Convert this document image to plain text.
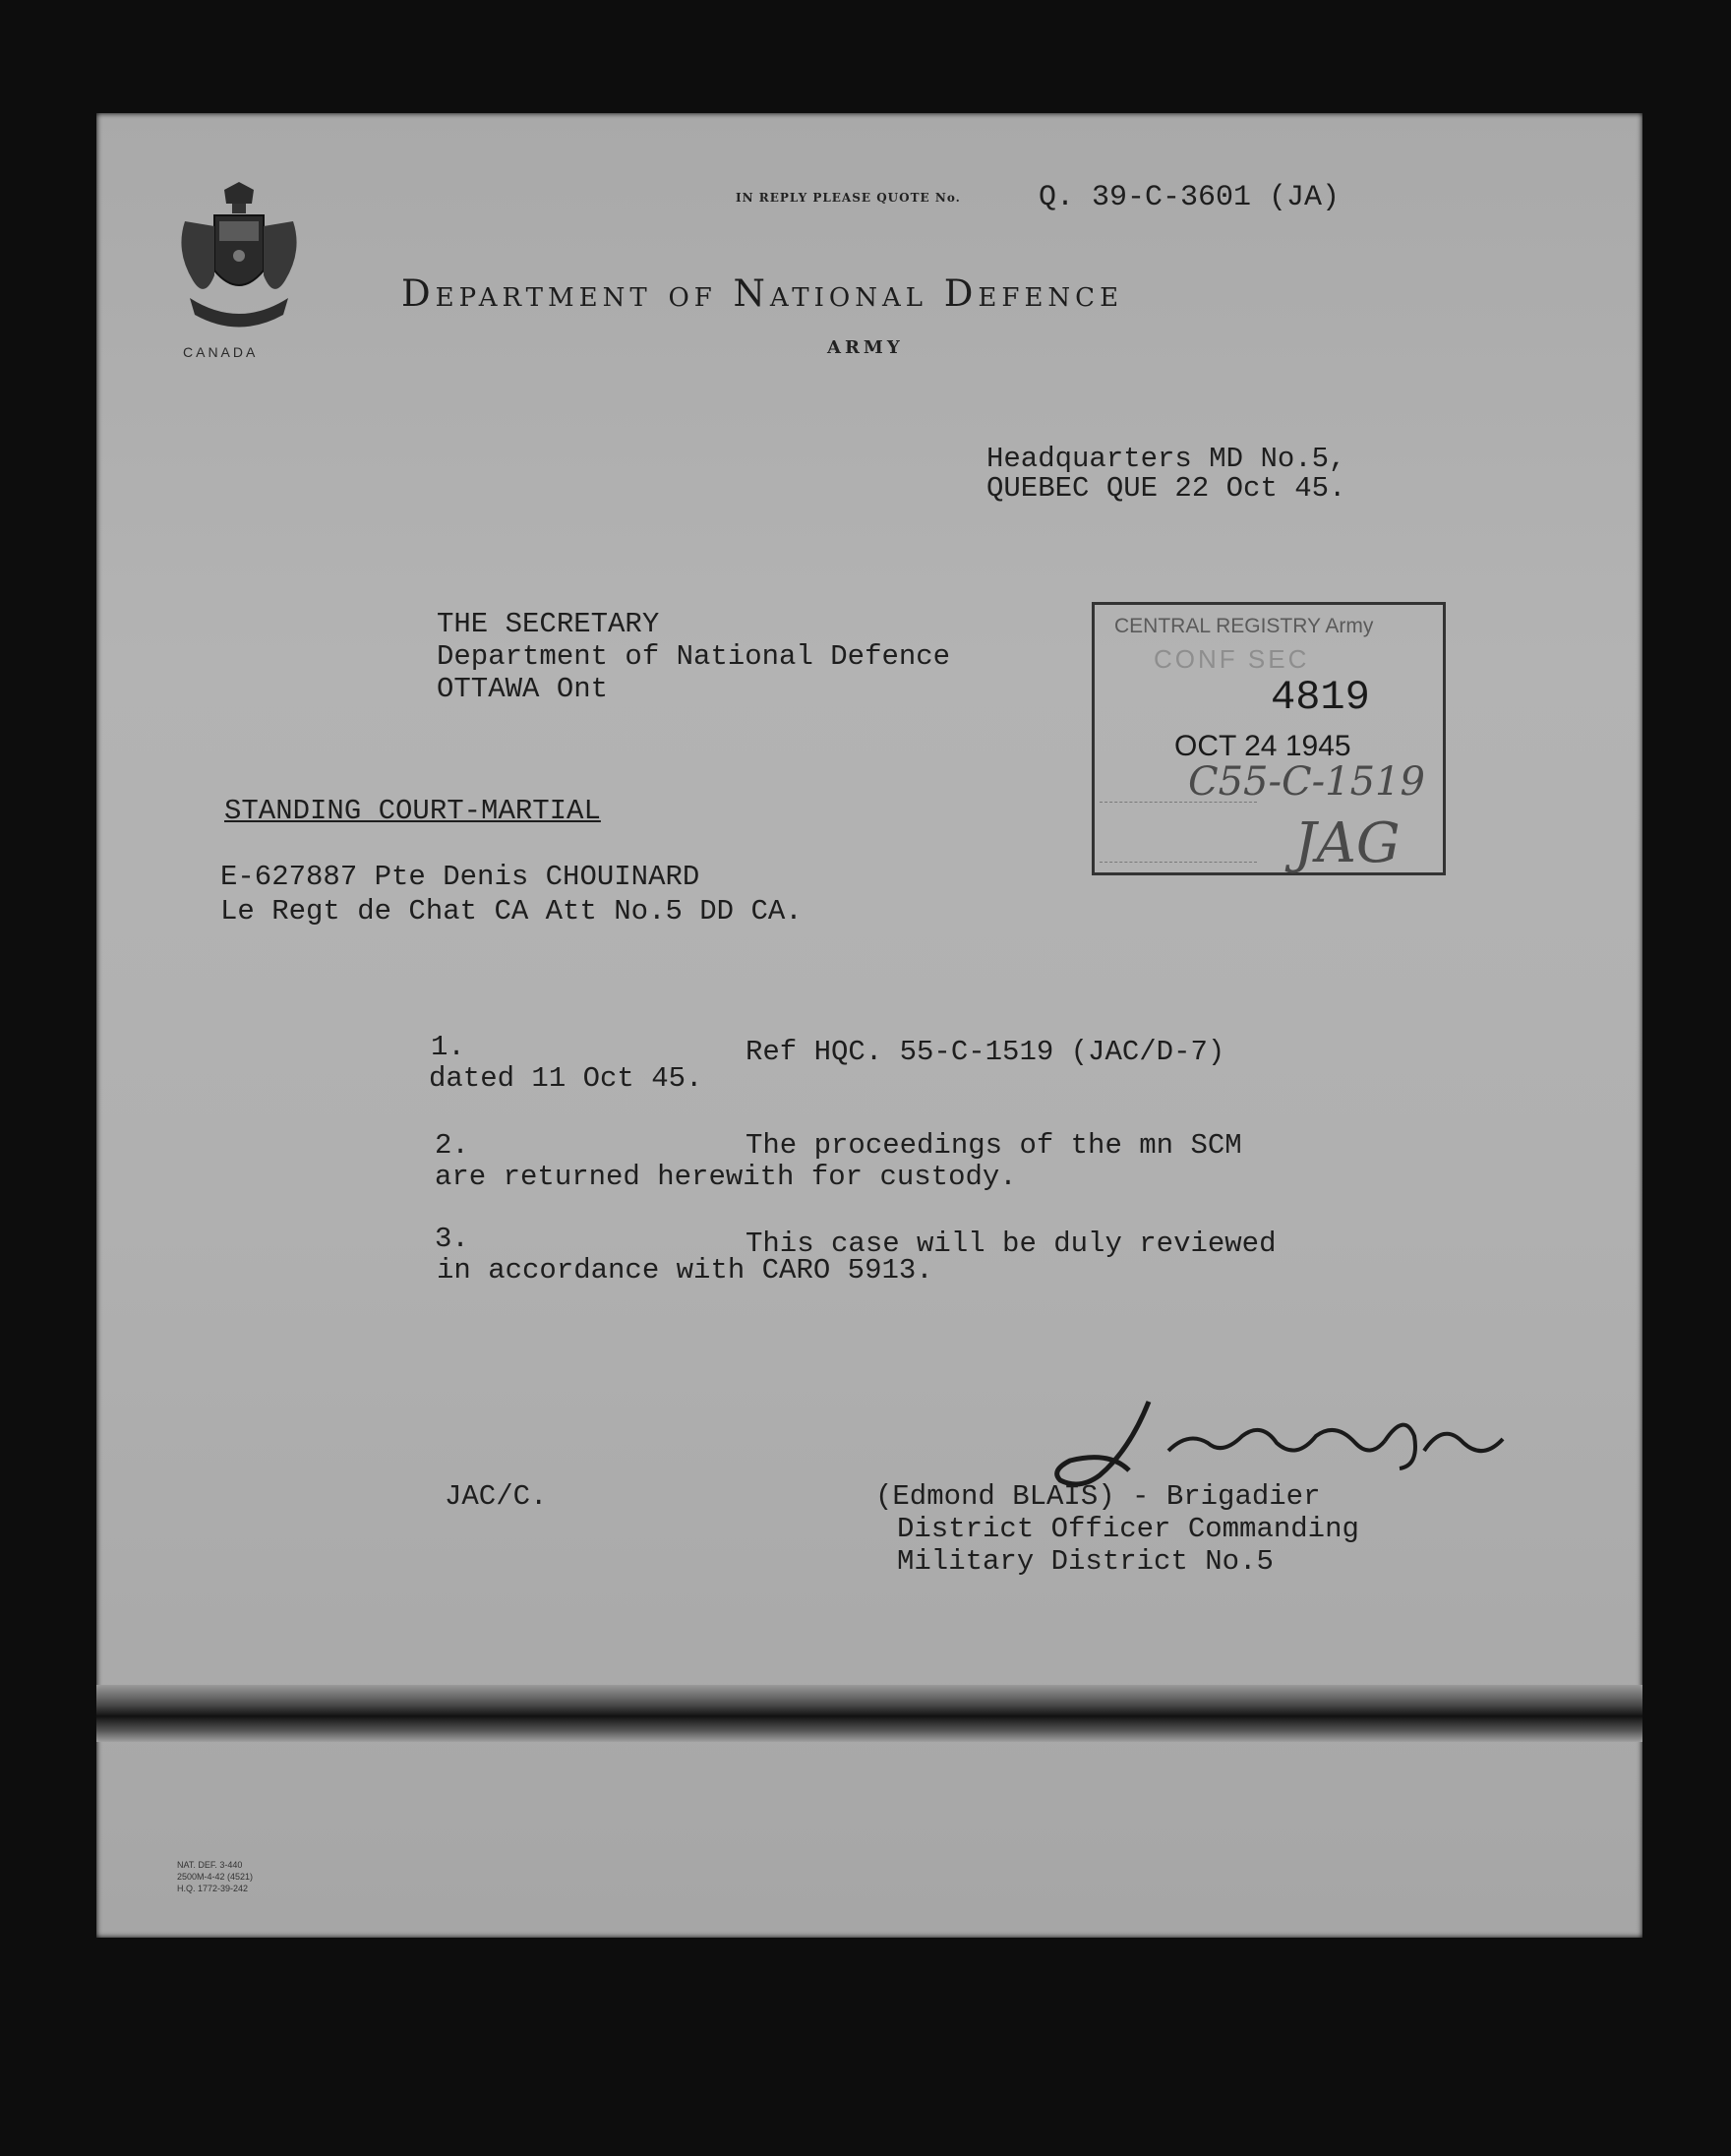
CANADA
IN REPLY PLEASE QUOTE No.	Q. 39-C-3601 (JA)
Department of National Defence
ARMY
Headquarters MD No.5,
QUEBEC QUE 22 Oct 45.
THE SECRETARY
Department of National Defence
OTTAWA Ont
CENTRAL REGISTRY Army
CONF SEC
4819
OCT 24 1945
C55-C-1519
JAG
STANDING COURT-MARTIAL
E-627887 Pte Denis CHOUINARD
Le Regt de Chat CA Att No.5 DD CA.
1.	Ref HQC. 55-C-1519 (JAC/D-7)
dated 11 Oct 45.
2.	The proceedings of the mn SCM
are returned herewith for custody.
3.	This case will be duly reviewed
in accordance with CARO 5913.
JAC/C.	(Edmond BLAIS) - Brigadier
District Officer Commanding
Military District No.5
NAT. DEF. 3-440
2500M-4-42 (4521)
H.Q. 1772-39-242
